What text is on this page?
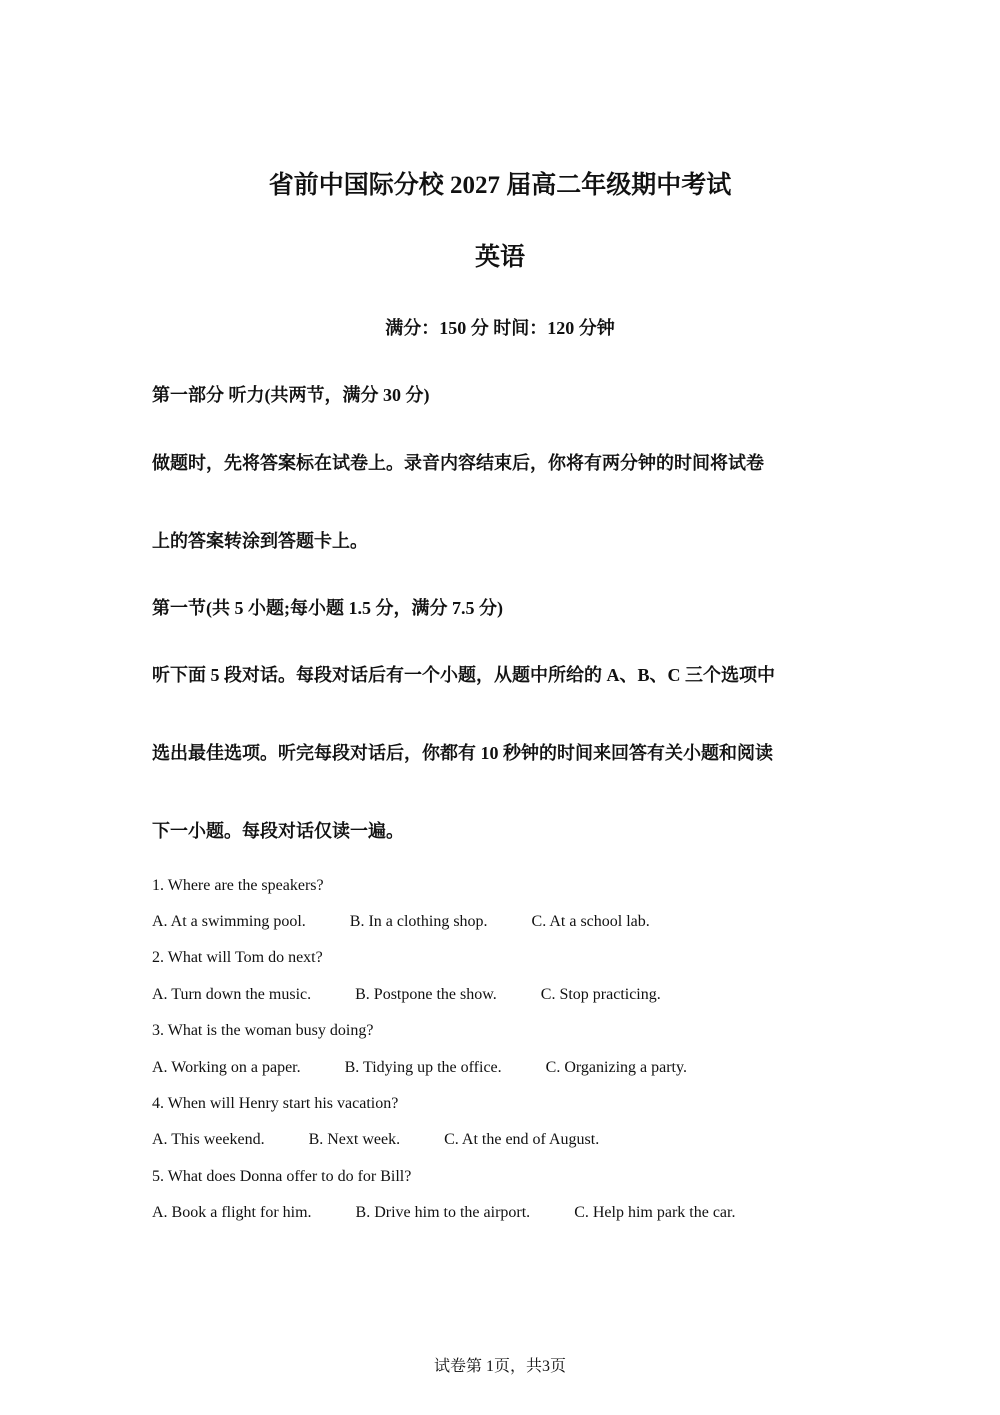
省前中国际分校 2027 届高二年级期中考试
英语
满分：150 分 时间：120 分钟
第一部分 听力(共两节，满分 30 分)
做题时，先将答案标在试卷上。录音内容结束后，你将有两分钟的时间将试卷
上的答案转涂到答题卡上。
第一节(共 5 小题;每小题 1.5 分，满分 7.5 分)
听下面 5 段对话。每段对话后有一个小题，从题中所给的 A、B、C 三个选项中
选出最佳选项。听完每段对话后，你都有 10 秒钟的时间来回答有关小题和阅读
下一小题。每段对话仅读一遍。
1. Where are the speakers?
A. At a swimming pool.	B. In a clothing shop.	C. At a school lab.
2. What will Tom do next?
A. Turn down the music.	B. Postpone the show.	C. Stop practicing.
3. What is the woman busy doing?
A. Working on a paper.	B. Tidying up the office.	C. Organizing a party.
4. When will Henry start his vacation?
A. This weekend.	B. Next week.	C. At the end of August.
5. What does Donna offer to do for Bill?
A. Book a flight for him.	B. Drive him to the airport.	C. Help him park the car.
试卷第 1页，共3页
